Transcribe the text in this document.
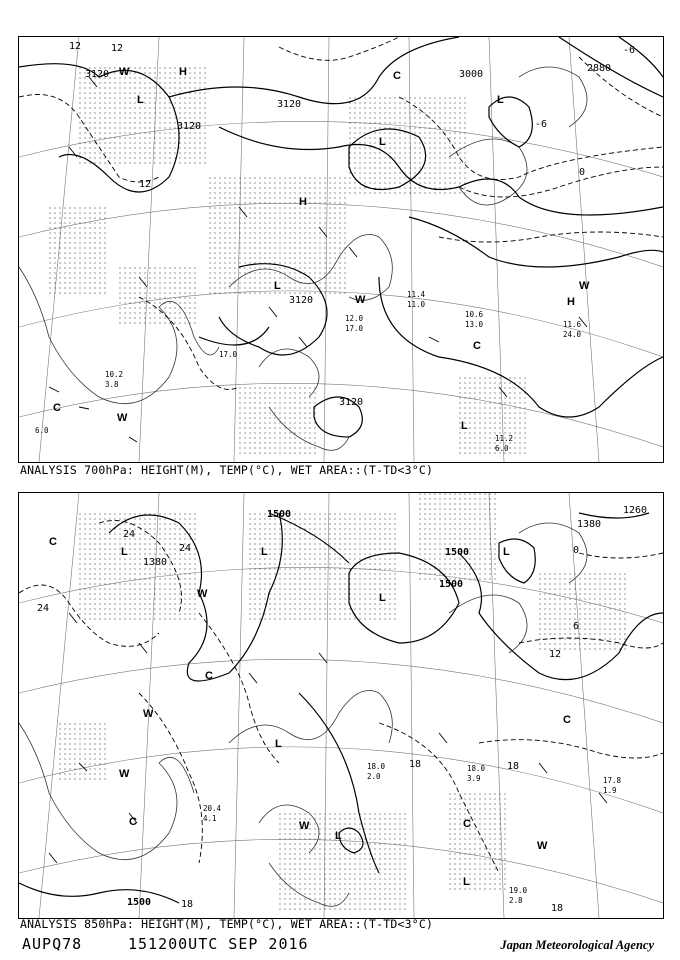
3120
3120
3120
3120
3120
3000
2880
12	12
12
-6
0
-6
H
L
L
L
L
L
H
H
C
C
C
W
W
W
W
17.0
11.4
11.0
12.0
17.0
10.6
13.0	11.6
24.0
11.2
6.0
10.2
3.8
6.0
ANALYSIS 700hPa: HEIGHT(M), TEMP(°C), WET AREA::(T-TD<3°C)
1500
1500
1500
1500
1380
1380
1260
24
24
24
18
18
18
12
6
0
18
L	L
L
L
L
L
L
C
C
C	C
C
W
W
W
W
W
18.0
3.9
18.0
2.0
19.0
2.8
20.4
4.1
17.8
1.9
ANALYSIS 850hPa: HEIGHT(M), TEMP(°C), WET AREA::(T-TD<3°C)
AUPQ78	151200UTC SEP 2016	Japan Meteorological Agency
